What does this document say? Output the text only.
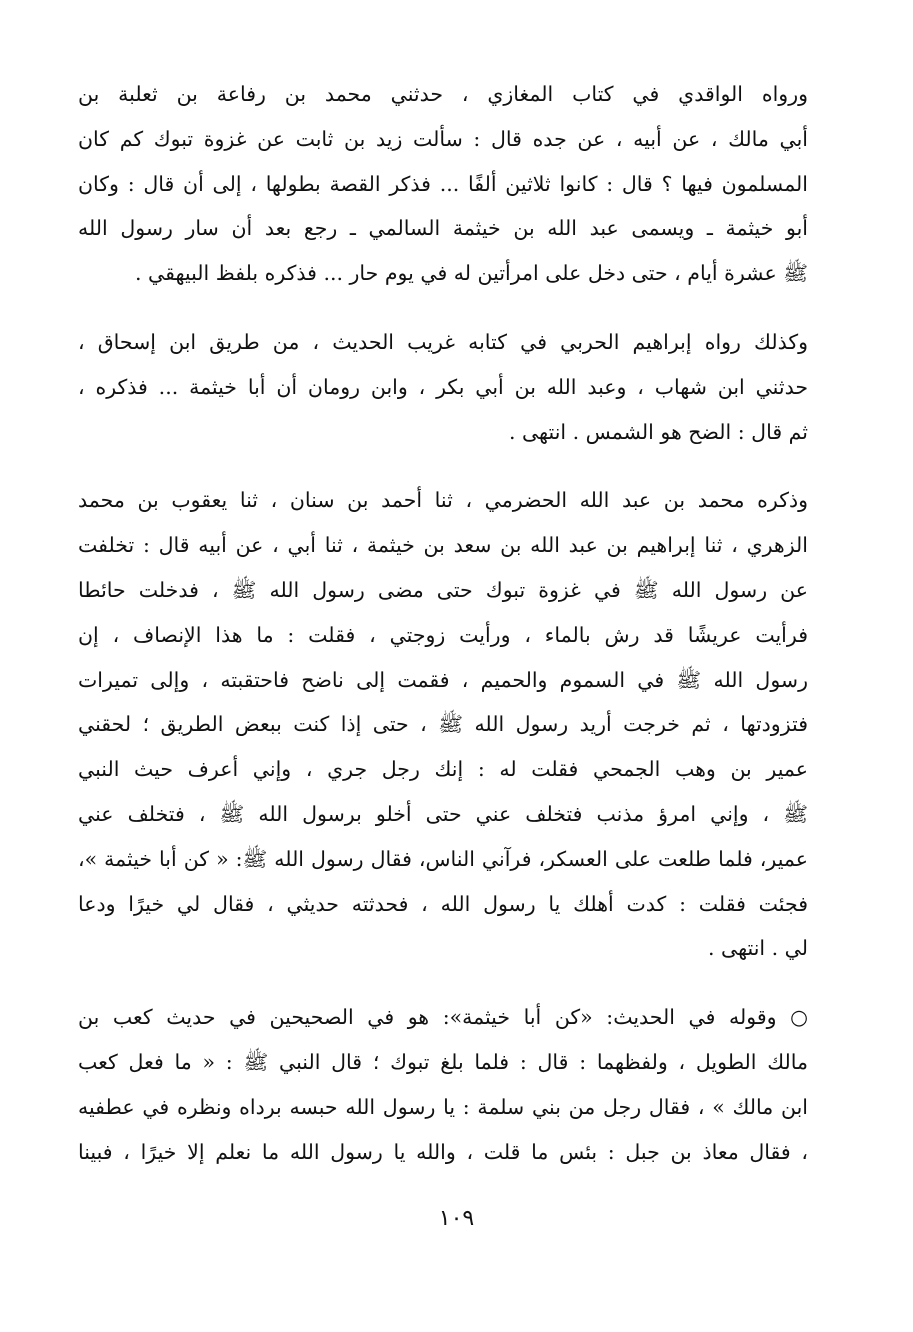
ورواه الواقدي في كتاب المغازي ، حدثني محمد بن رفاعة بن ثعلبة بن
أبي مالك ، عن أبيه ، عن جده قال : سألت زيد بن ثابت عن غزوة تبوك كم كان
المسلمون فيها ؟ قال : كانوا ثلاثين ألفًا ... فذكر القصة بطولها ، إلى أن قال : وكان
أبو خيثمة ـ ويسمى عبد الله بن خيثمة السالمي ـ رجع بعد أن سار رسول الله
ﷺ عشرة أيام ، حتى دخل على امرأتين له في يوم حار ... فذكره بلفظ البيهقي .
وكذلك رواه إبراهيم الحربي في كتابه غريب الحديث ، من طريق ابن إسحاق ،
حدثني ابن شهاب ، وعبد الله بن أبي بكر ، وابن رومان أن أبا خيثمة ... فذكره ،
ثم قال : الضح هو الشمس . انتهى .
وذكره محمد بن عبد الله الحضرمي ، ثنا أحمد بن سنان ، ثنا يعقوب بن محمد
الزهري ، ثنا إبراهيم بن عبد الله بن سعد بن خيثمة ، ثنا أبي ، عن أبيه قال : تخلفت
عن رسول الله ﷺ في غزوة تبوك حتى مضى رسول الله ﷺ ، فدخلت حائطا
فرأيت عريشًا قد رش بالماء ، ورأيت زوجتي ، فقلت : ما هذا الإنصاف ، إن
رسول الله ﷺ في السموم والحميم ، فقمت إلى ناضح فاحتقبته ، وإلى تميرات
فتزودتها ، ثم خرجت أريد رسول الله ﷺ ، حتى إذا كنت ببعض الطريق ؛ لحقني
عمير بن وهب الجمحي فقلت له : إنك رجل جري ، وإني أعرف حيث النبي
ﷺ ، وإني امرؤ مذنب فتخلف عني حتى أخلو برسول الله ﷺ ، فتخلف عني
عمير، فلما طلعت على العسكر، فرآني الناس، فقال رسول الله ﷺ: « كن أبا خيثمة »،
فجئت فقلت : كدت أهلك يا رسول الله ، فحدثته حديثي ، فقال لي خيرًا ودعا
لي . انتهى .
○ وقوله في الحديث: «كن أبا خيثمة»: هو في الصحيحين في حديث كعب بن
مالك الطويل ، ولفظهما : قال : فلما بلغ تبوك ؛ قال النبي ﷺ : « ما فعل كعب
ابن مالك » ، فقال رجل من بني سلمة : يا رسول الله حبسه برداه ونظره في عطفيه
، فقال معاذ بن جبل : بئس ما قلت ، والله يا رسول الله ما نعلم إلا خيرًا ، فبينا
١٠٩
